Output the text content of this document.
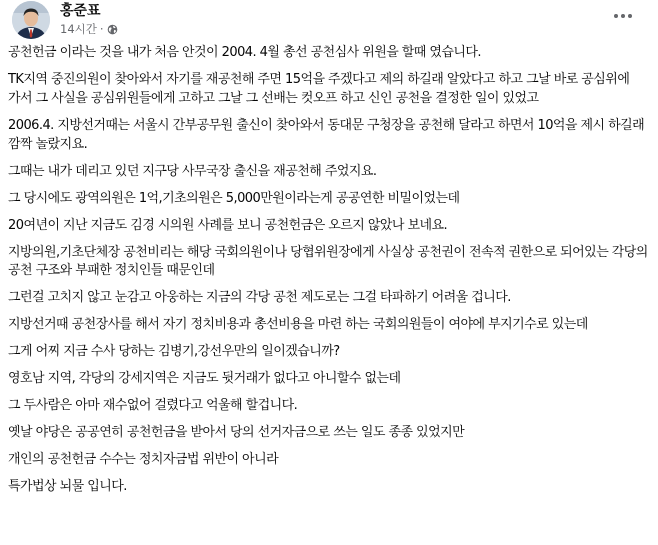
홍준표
14시간 ·

공천헌금 이라는 것을 내가 처음 안것이 2004. 4월 총선 공천심사 위원을 할때 였습니다.

TK지역 중진의원이 찾아와서 자기를 재공천해 주면 15억을 주겠다고 제의 하길래 알았다고 하고 그날 바로 공심위에 가서 그 사실을 공심위원들에게 고하고 그날 그 선배는 컷오프 하고 신인 공천을 결정한 일이 있었고

2006.4. 지방선거때는 서울시 간부공무원 출신이 찾아와서 동대문 구청장을 공천해 달라고 하면서 10억을 제시 하길래 깜짝 놀랐지요.

그때는 내가 데리고 있던 지구당 사무국장 출신을 재공천해 주었지요.

그 당시에도 광역의원은 1억,기초의원은 5,000만원이라는게 공공연한 비밀이었는데

20여년이 지난 지금도 김경 시의원 사례를 보니 공천헌금은 오르지 않았나 보네요.

지방의원,기초단체장 공천비리는 해당 국회의원이나 당협위원장에게 사실상 공천권이 전속적 권한으로 되어있는 각당의 공천 구조와 부패한 정치인들 때문인데

그런걸 고치지 않고 눈감고 아웅하는 지금의 각당 공천 제도로는 그걸 타파하기 어려울 겁니다.

지방선거때 공천장사를 해서 자기 정치비용과 총선비용을 마련 하는 국회의원들이 여야에 부지기수로 있는데

그게 어찌 지금 수사 당하는 김병기,강선우만의 일이겠습니까?

영호남 지역, 각당의 강세지역은 지금도 뒷거래가 없다고 아니할수 없는데

그 두사람은 아마 재수없어 걸렸다고 억울해 할겁니다.

옛날 야당은 공공연히 공천헌금을 받아서 당의 선거자금으로 쓰는 일도 종종 있었지만

개인의 공천헌금 수수는 정치자금법 위반이 아니라

특가법상 뇌물 입니다.
